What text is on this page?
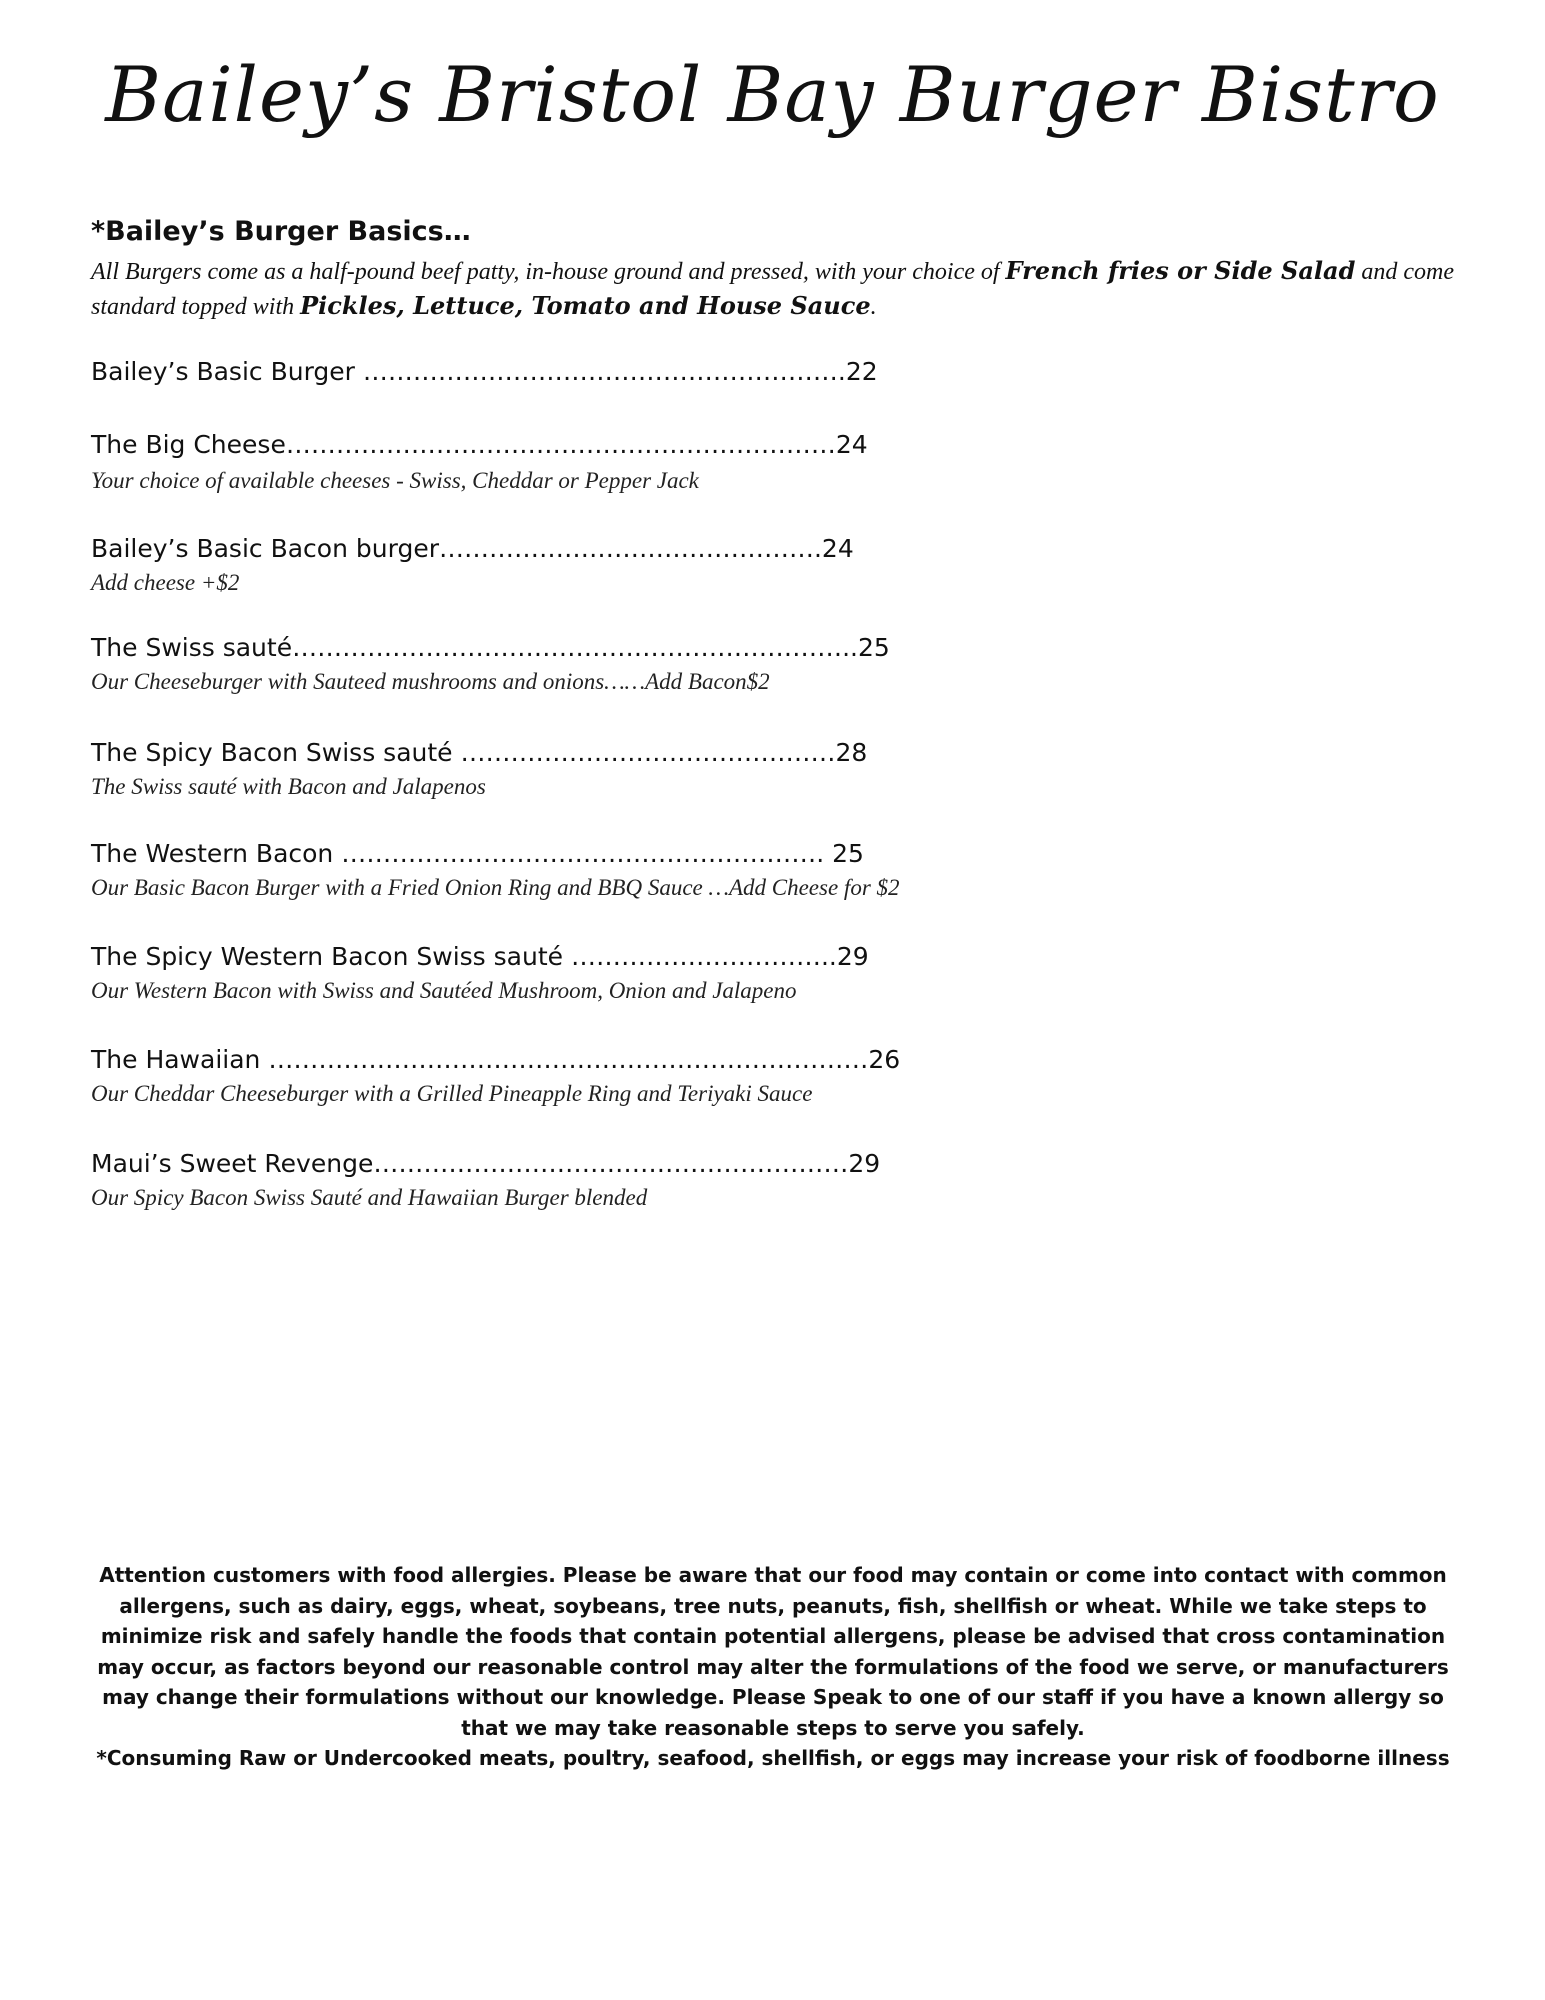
Bailey’s Bristol Bay Burger Bistro
*Bailey’s Burger Basics…
All Burgers come as a half-pound beef patty, in-house ground and pressed, with your choice of French fries or Side Salad and come standard topped with Pickles, Lettuce, Tomato and House Sauce.
Bailey’s Basic Burger ………………………………………………….22
The Big Cheese…………………………………………………………24
Your choice of available cheeses - Swiss, Cheddar or Pepper Jack
Bailey’s Basic Bacon burger……………………………………….24
Add cheese +$2
The Swiss sauté…………………………………………………………..25
Our Cheeseburger with Sauteed mushrooms and onions……Add Bacon$2
The Spicy Bacon Swiss sauté ………………………………………28
The Swiss sauté with Bacon and Jalapenos
The Western Bacon …………………………………………………. 25
Our Basic Bacon Burger with a Fried Onion Ring and BBQ Sauce …Add Cheese for $2
The Spicy Western Bacon Swiss sauté …………………………..29
Our Western Bacon with Swiss and Sautéed Mushroom, Onion and Jalapeno
The Hawaiian ………………………………………………………………26
Our Cheddar Cheeseburger with a Grilled Pineapple Ring and Teriyaki Sauce
Maui’s Sweet Revenge…………………………………………………29
Our Spicy Bacon Swiss Sauté and Hawaiian Burger blended
Attention customers with food allergies. Please be aware that our food may contain or come into contact with common allergens, such as dairy, eggs, wheat, soybeans, tree nuts, peanuts, fish, shellfish or wheat. While we take steps to minimize risk and safely handle the foods that contain potential allergens, please be advised that cross contamination may occur, as factors beyond our reasonable control may alter the formulations of the food we serve, or manufacturers may change their formulations without our knowledge. Please Speak to one of our staff if you have a known allergy so that we may take reasonable steps to serve you safely.
*Consuming Raw or Undercooked meats, poultry, seafood, shellfish, or eggs may increase your risk of foodborne illness
